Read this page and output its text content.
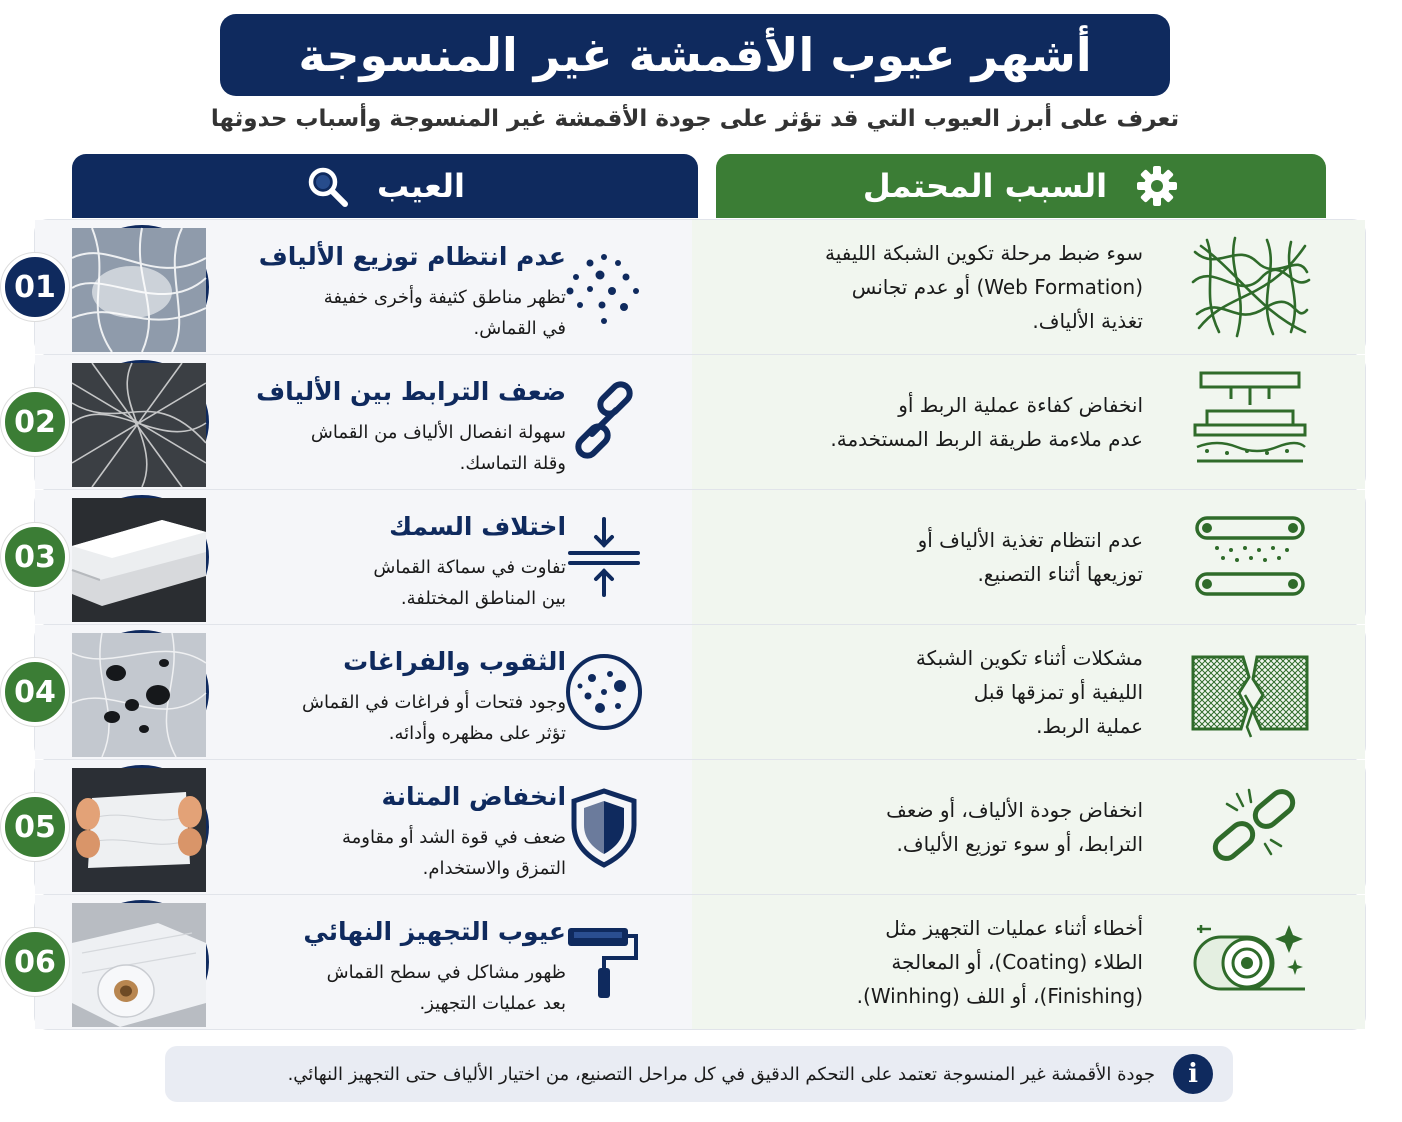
أشهر عيوب الأقمشة غير المنسوجة
تعرف على أبرز العيوب التي قد تؤثر على جودة الأقمشة غير المنسوجة وأسباب حدوثها
السبب المحتمل
العيب
سوء ضبط مرحلة تكوين الشبكة الليفية
(Web Formation) أو عدم تجانس
تغذية الألياف.
01
عدم انتظام توزيع الألياف
تظهر مناطق كثيفة وأخرى خفيفة
في القماش.
انخفاض كفاءة عملية الربط أو
عدم ملاءمة طريقة الربط المستخدمة.
02
ضعف الترابط بين الألياف
سهولة انفصال الألياف من القماش
وقلة التماسك.
عدم انتظام تغذية الألياف أو
توزيعها أثناء التصنيع.
03
اختلاف السمك
تفاوت في سماكة القماش
بين المناطق المختلفة.
مشكلات أثناء تكوين الشبكة
الليفية أو تمزقها قبل
عملية الربط.
04
الثقوب والفراغات
وجود فتحات أو فراغات في القماش
تؤثر على مظهره وأدائه.
انخفاض جودة الألياف، أو ضعف
الترابط، أو سوء توزيع الألياف.
05
انخفاض المتانة
ضعف في قوة الشد أو مقاومة
التمزق والاستخدام.
أخطاء أثناء عمليات التجهيز مثل
الطلاء (Coating)، أو المعالجة
(Finishing)، أو اللف (Winhing).
06
عيوب التجهيز النهائي
ظهور مشاكل في سطح القماش
بعد عمليات التجهيز.
i
جودة الأقمشة غير المنسوجة تعتمد على التحكم الدقيق في كل مراحل التصنيع، من اختيار الألياف حتى التجهيز النهائي.
